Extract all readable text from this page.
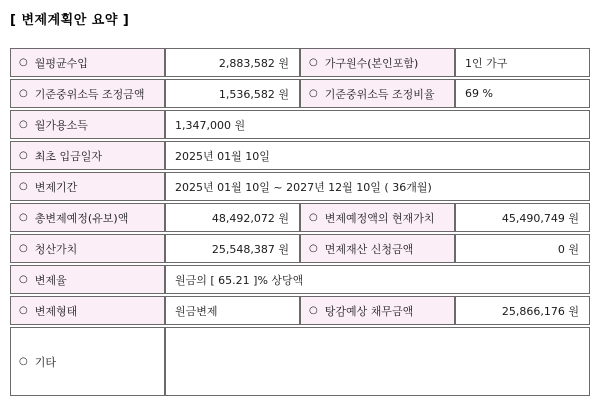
[ 변제계획안 요약 ]
○ 월평균수입	2,883,582 원	○ 가구원수(본인포함)	1인 가구
○ 기준중위소득 조정금액	1,536,582 원	○ 기준중위소득 조정비율	69 %
○ 월가용소득	1,347,000 원
○ 최초 입금일자	2025년 01월 10일
○ 변제기간	2025년 01월 10일 ~ 2027년 12월 10일 ( 36개월)
○ 총변제예정(유보)액	48,492,072 원	○ 변제예정액의 현재가치	45,490,749 원
○ 청산가치	25,548,387 원	○ 면제재산 신청금액	0 원
○ 변제율	원금의 [ 65.21 ]% 상당액
○ 변제형태	원금변제	○ 탕감예상 채무금액	25,866,176 원
○ 기타
